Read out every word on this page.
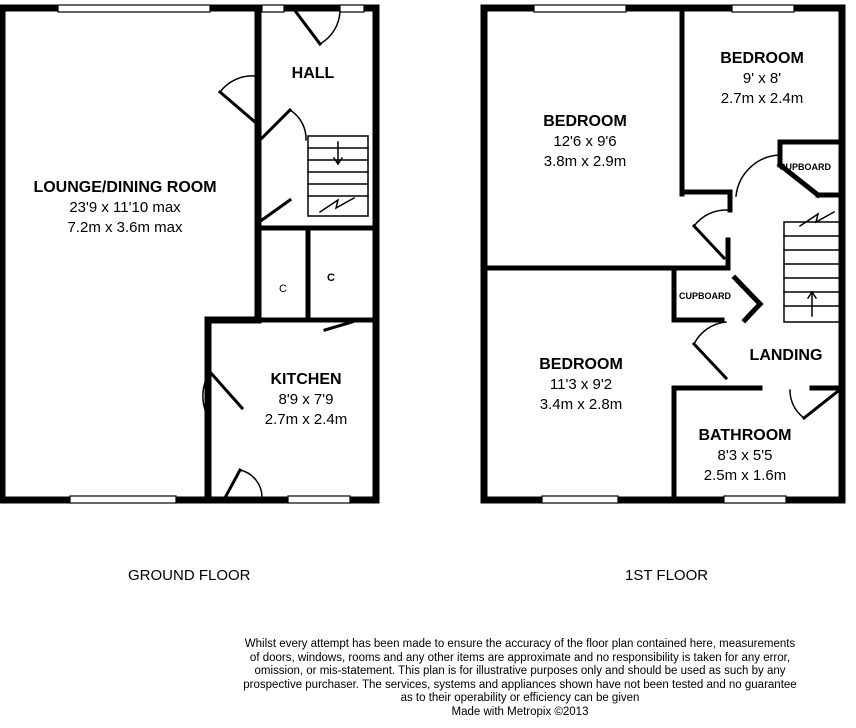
LOUNGE/DINING ROOM
23'9 x 11'10 max
7.2m x 3.6m max
HALL
KITCHEN
8'9 x 7'9
2.7m x 2.4m
C
C
BEDROOM
12'6 x 9'6
3.8m x 2.9m
BEDROOM
9' x 8'
2.7m x 2.4m
BEDROOM
11'3 x 9'2
3.4m x 2.8m
LANDING
BATHROOM
8'3 x 5'5
2.5m x 1.6m
CUPBOARD
CUPBOARD
GROUND FLOOR	1ST FLOOR
Whilst every attempt has been made to ensure the accuracy of the floor plan contained here, measurements
of doors, windows, rooms and any other items are approximate and no responsibility is taken for any error,
omission, or mis-statement. This plan is for illustrative purposes only and should be used as such by any
prospective purchaser. The services, systems and appliances shown have not been tested and no guarantee
as to their operability or efficiency can be given
Made with Metropix ©2013
